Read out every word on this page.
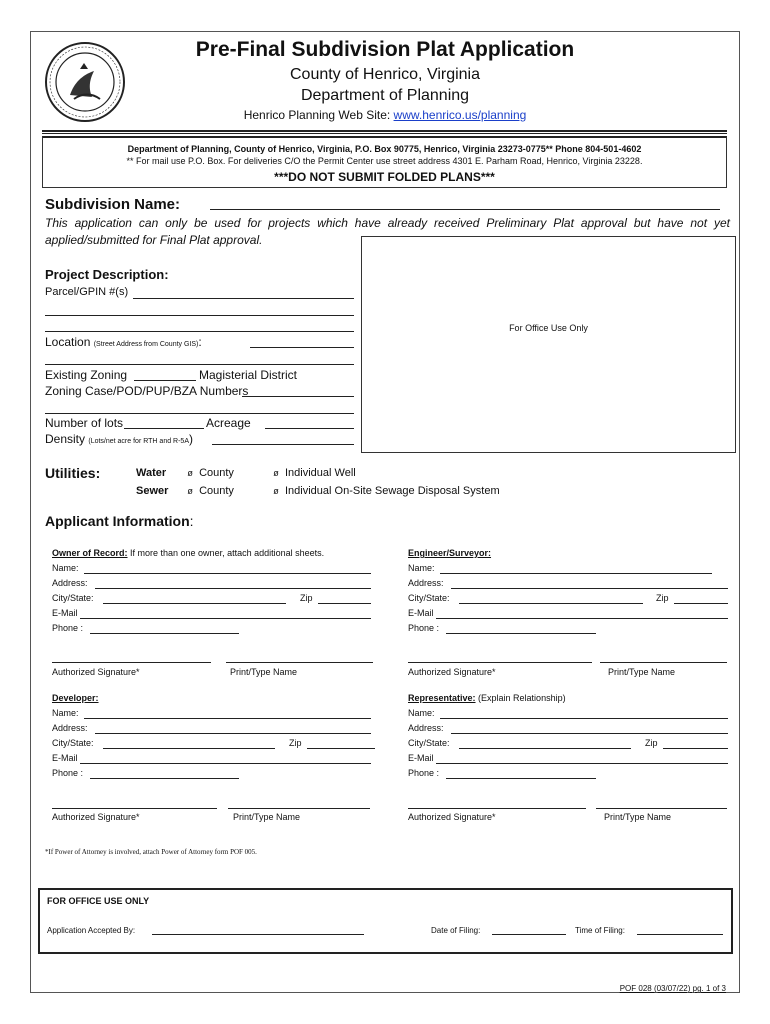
Pre-Final Subdivision Plat Application
County of Henrico, Virginia
Department of Planning
Henrico Planning Web Site: www.henrico.us/planning
Department of Planning, County of Henrico, Virginia, P.O. Box 90775, Henrico, Virginia 23273-0775** Phone 804-501-4602
** For mail use P.O. Box. For deliveries C/O the Permit Center use street address 4301 E. Parham Road, Henrico, Virginia 23228.
***DO NOT SUBMIT FOLDED PLANS***
Subdivision Name:
This application can only be used for projects which have already received Preliminary Plat approval but have not yet applied/submitted for Final Plat approval.
For Office Use Only
Project Description:
Parcel/GPIN #(s)
Location (Street Address from County GIS):
Existing Zoning	Magisterial District
Zoning Case/POD/PUP/BZA Numbers
Number of lots	Acreage
Density (Lots/net acre for RTH and R-5A)
Utilities:	Water ø County	ø Individual Well
Sewer ø County	ø Individual On-Site Sewage Disposal System
Applicant Information:
Owner of Record: If more than one owner, attach additional sheets.
Name:
Address:
City/State:	Zip
E-Mail
Phone :
Authorized Signature*	Print/Type Name
Engineer/Surveyor:
Name:
Address:
City/State:	Zip
E-Mail
Phone :
Authorized Signature*	Print/Type Name
Developer:
Name:
Address:
City/State:	Zip
E-Mail
Phone :
Authorized Signature*	Print/Type Name
Representative: (Explain Relationship)
Name:
Address:
City/State:	Zip
E-Mail
Phone :
Authorized Signature*	Print/Type Name
*If Power of Attorney is involved, attach Power of Attorney form POF 005.
FOR OFFICE USE ONLY
Application Accepted By:	Date of Filing:	Time of Filing:
POF 028 (03/07/22) pg. 1 of 3
